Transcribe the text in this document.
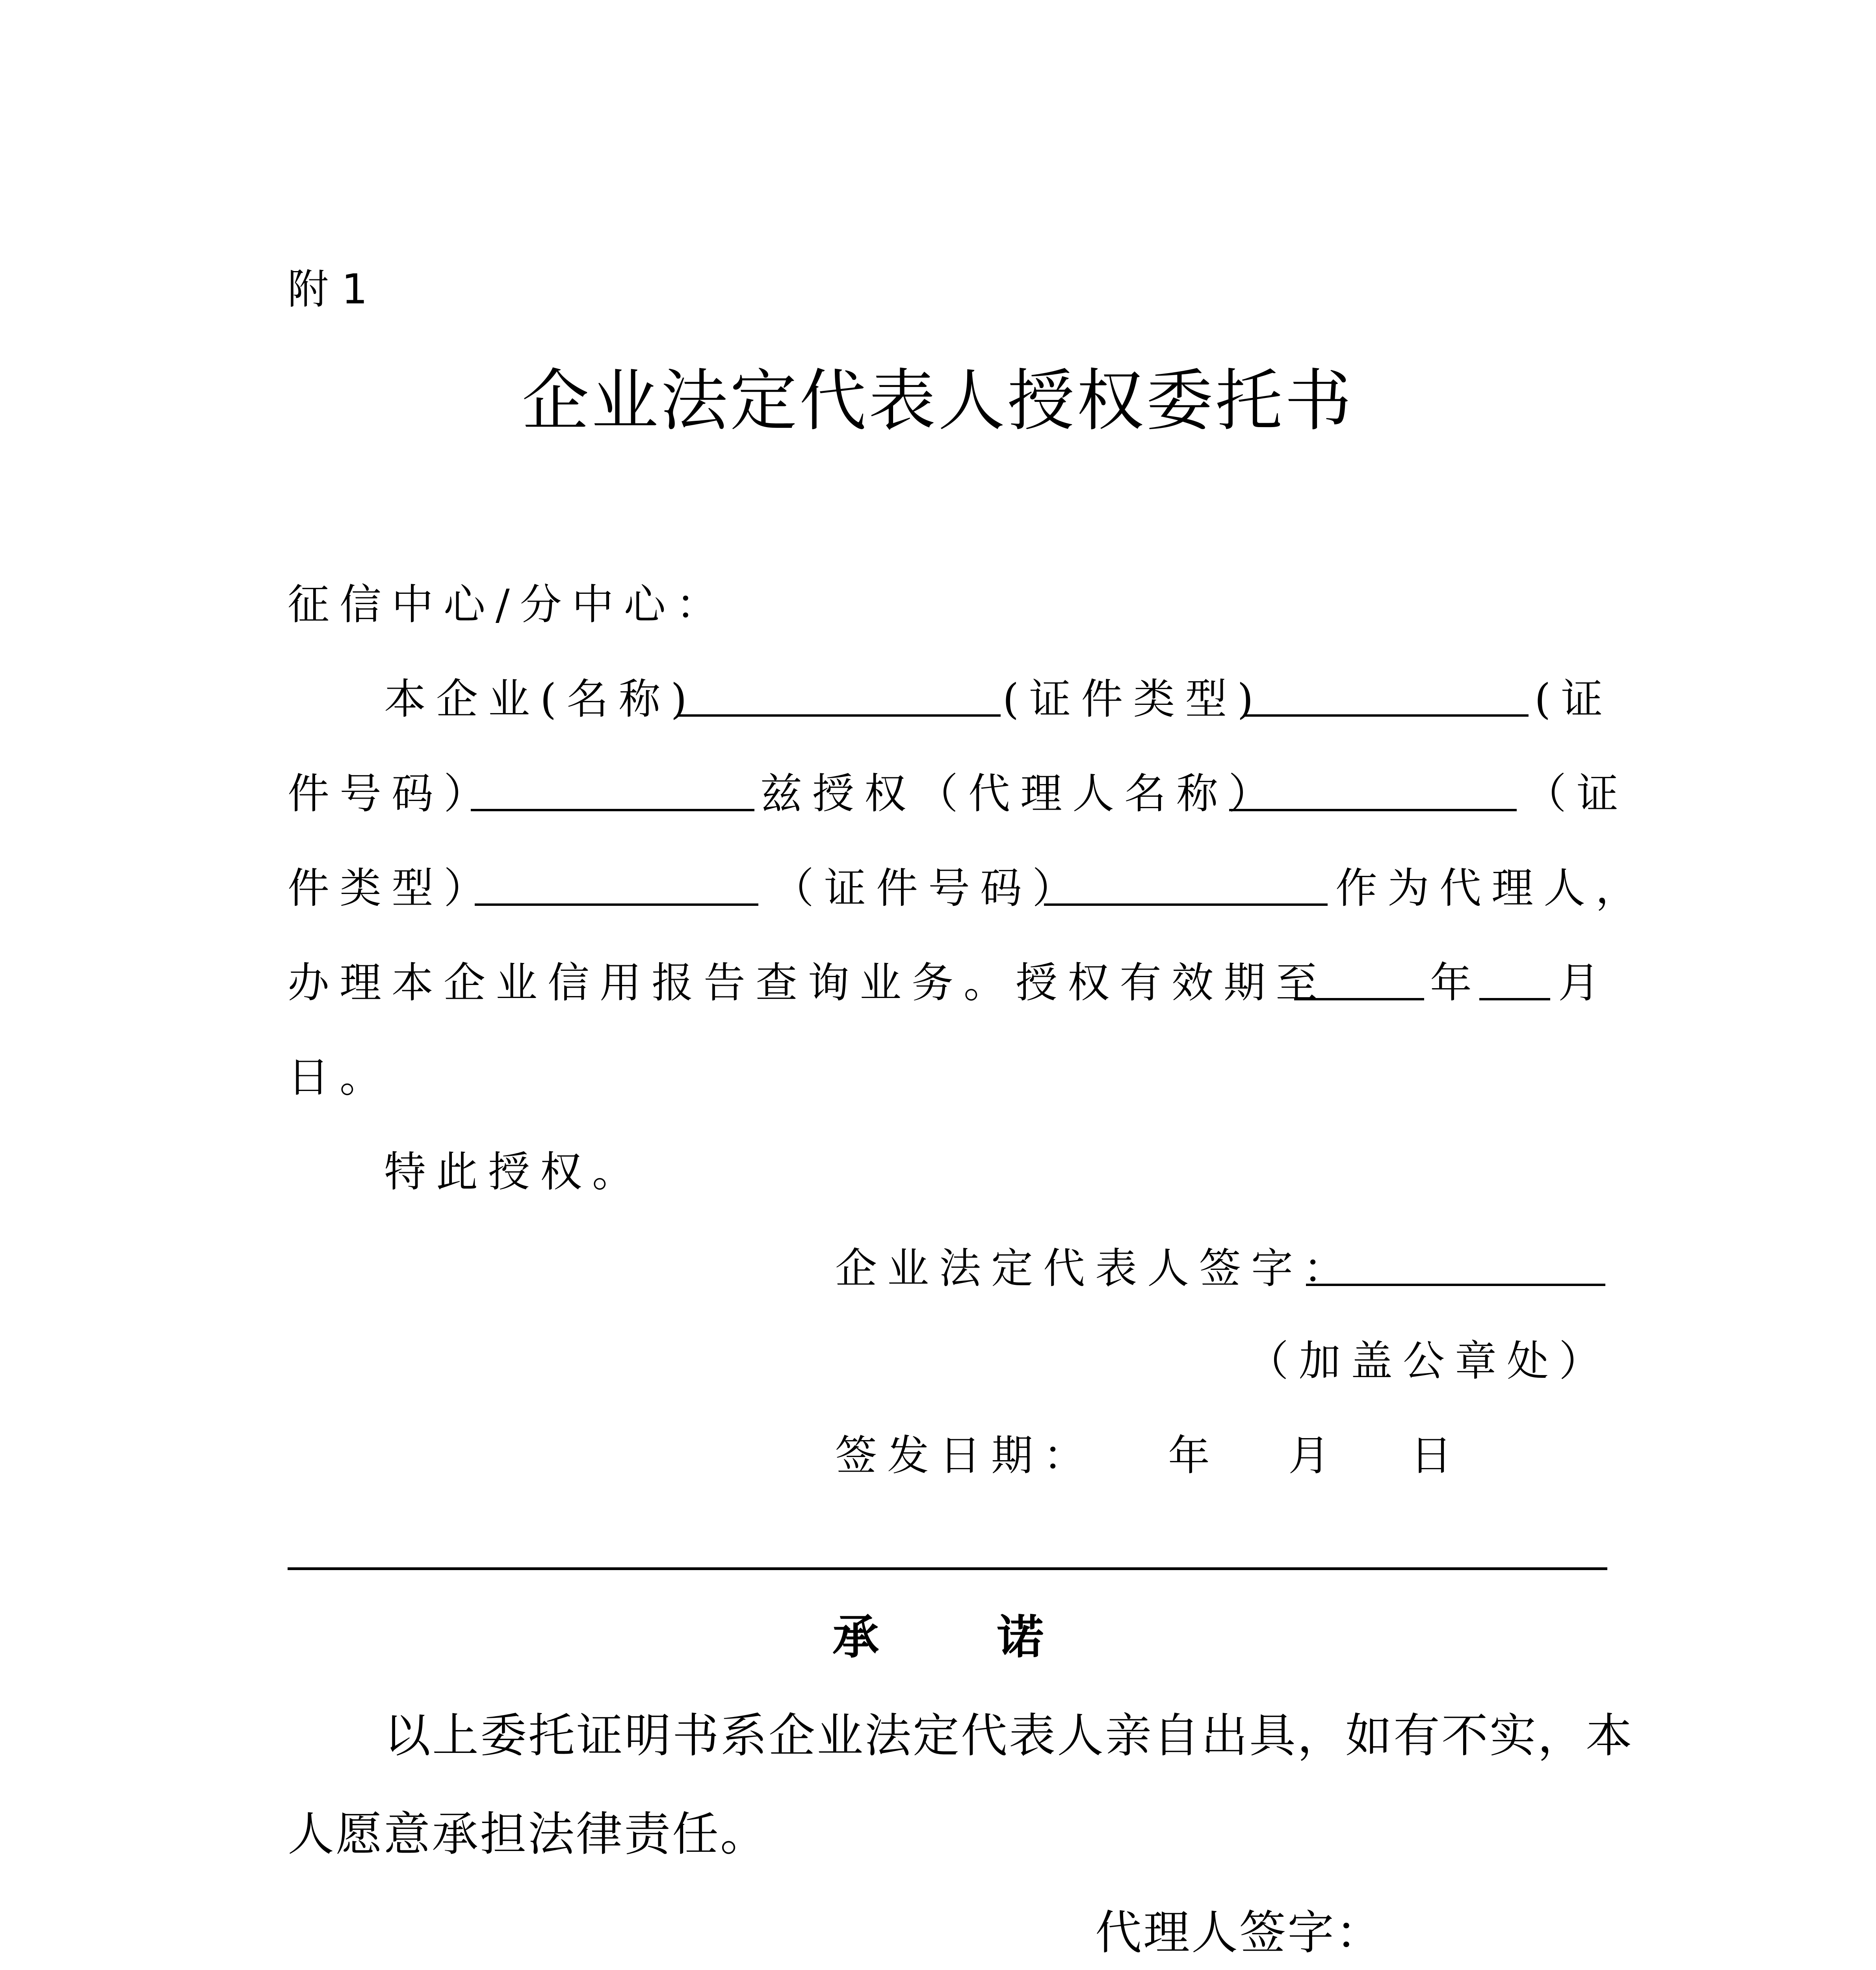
附 1
企业法定代表人授权委托书
征信中心/分中心：
本企业(名称)	(证件类型)	(证
件号码）	兹授权（代理人名称）	（证
件类型）	（证件号码）	作为代理人，
办理本企业信用报告查询业务。授权有效期至 年 月
日。
特此授权。
企业法定代表人签字：
（加盖公章处）
签发日期： 年 月 日
承	诺
以上委托证明书系企业法定代表人亲自出具，如有不实，本
人愿意承担法律责任。
代理人签字：
